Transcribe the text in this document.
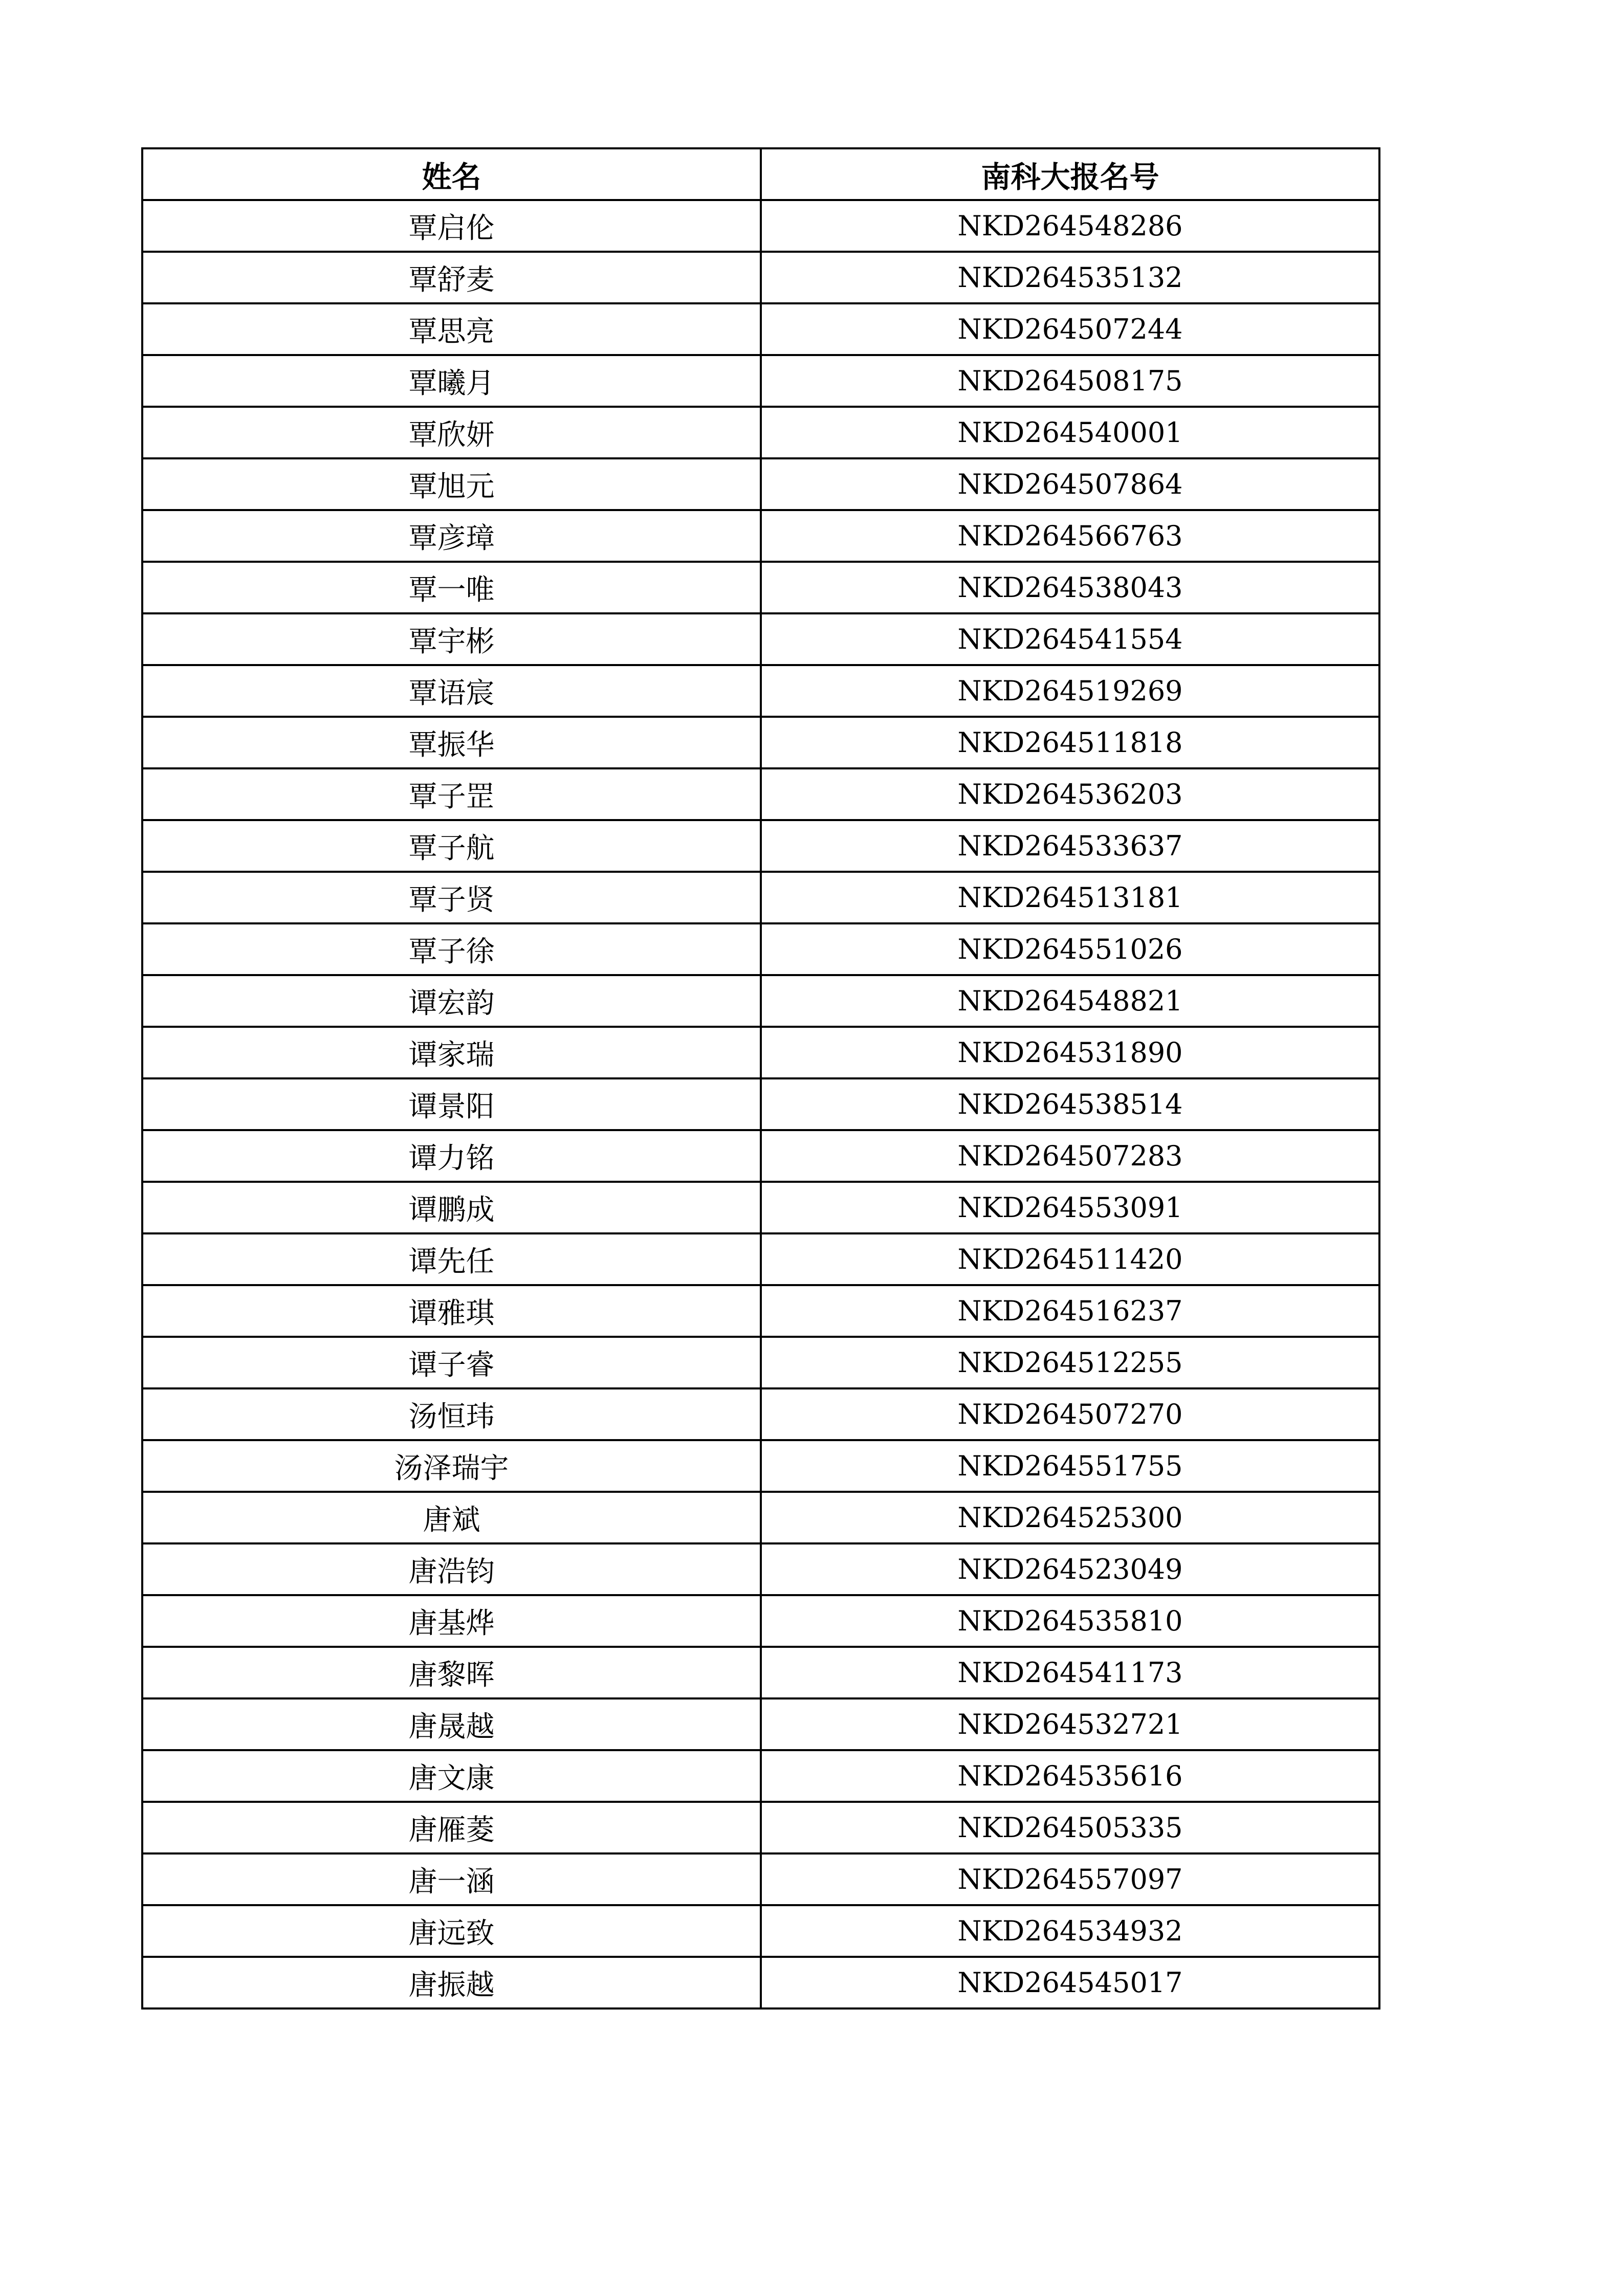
姓名	南科大报名号
覃启伦	NKD264548286
覃舒麦	NKD264535132
覃思亮	NKD264507244
覃曦月	NKD264508175
覃欣妍	NKD264540001
覃旭元	NKD264507864
覃彦璋	NKD264566763
覃一唯	NKD264538043
覃宇彬	NKD264541554
覃语宸	NKD264519269
覃振华	NKD264511818
覃子罡	NKD264536203
覃子航	NKD264533637
覃子贤	NKD264513181
覃子徐	NKD264551026
谭宏韵	NKD264548821
谭家瑞	NKD264531890
谭景阳	NKD264538514
谭力铭	NKD264507283
谭鹏成	NKD264553091
谭先任	NKD264511420
谭雅琪	NKD264516237
谭子睿	NKD264512255
汤恒玮	NKD264507270
汤泽瑞宇	NKD264551755
唐斌	NKD264525300
唐浩钧	NKD264523049
唐基烨	NKD264535810
唐黎晖	NKD264541173
唐晟越	NKD264532721
唐文康	NKD264535616
唐雁菱	NKD264505335
唐一涵	NKD264557097
唐远致	NKD264534932
唐振越	NKD264545017
